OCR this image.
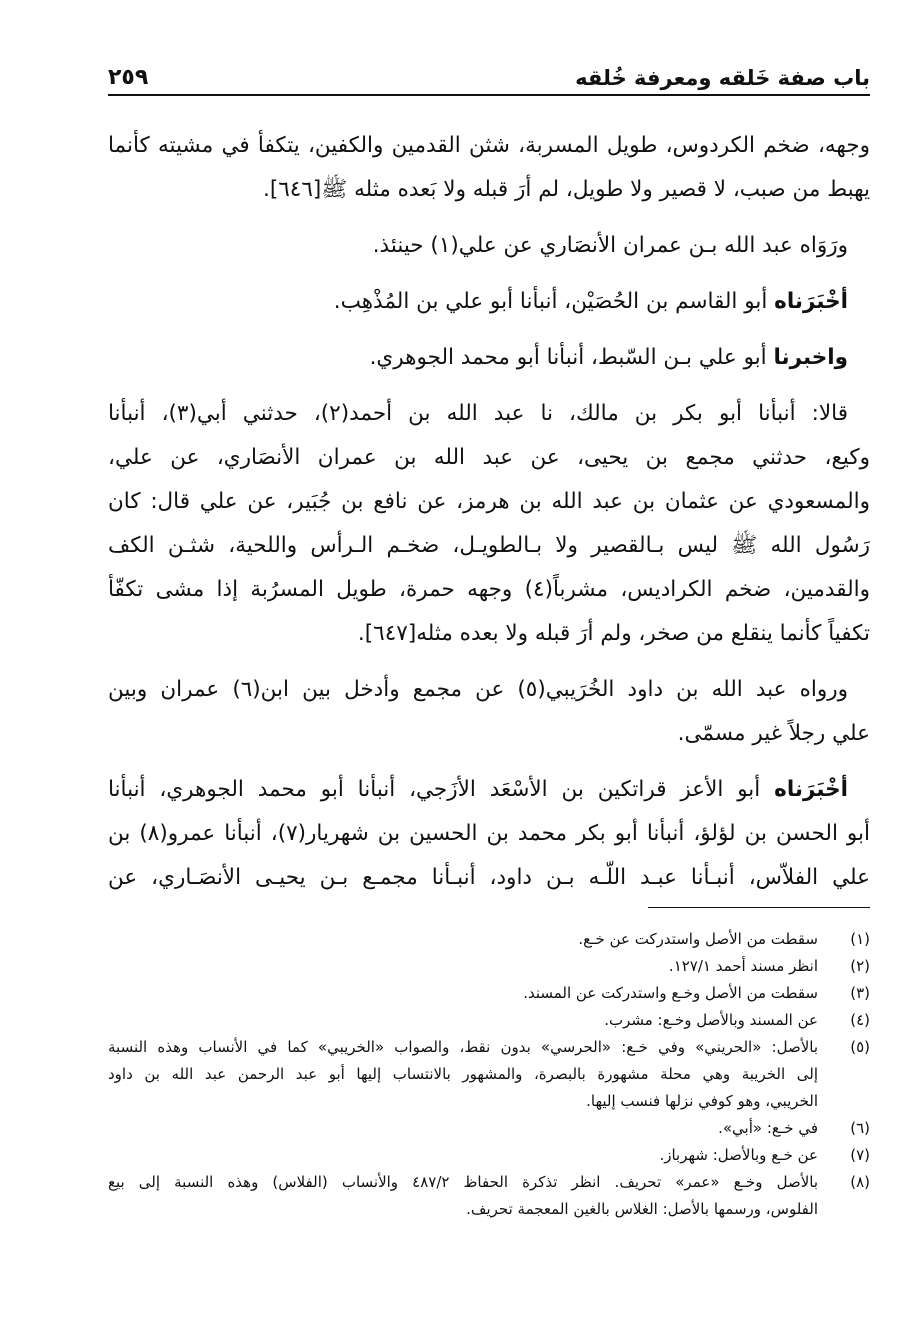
باب صفة خَلقه ومعرفة خُلقه
٢٥٩
وجهه، ضخم الكردوس، طويل المسربة، شثن القدمين والكفين، يتكفأ في مشيته كأنما
يهبط من صبب، لا قصير ولا طويل، لم أرَ قبله ولا بَعده مثله ﷺ[٦٤٦].
ورَوَاه عبد الله بـن عمران الأنصَاري عن علي(١) حينئذ.
أخْبَرَناه أبو القاسم بن الحُصَيْن، أنبأنا أبو علي بن المُذْهِب.
واخبرنا أبو علي بـن السّبط، أنبأنا أبو محمد الجوهري.
قالا: أنبأنا أبو بكر بن مالك، نا عبد الله بن أحمد(٢)، حدثني أبي(٣)، أنبأنا
وكيع، حدثني مجمع بن يحيى، عن عبد الله بن عمران الأنصَاري، عن علي،
والمسعودي عن عثمان بن عبد الله بن هرمز، عن نافع بن جُبَير، عن علي قال: كان
رَسُول الله ﷺ ليس بـالقصير ولا بـالطويـل، ضخـم الـرأس واللحية، شثـن الكف
والقدمين، ضخم الكراديس، مشرباً(٤) وجهه حمرة، طويل المسرُبة إذا مشى تكفّأ
تكفياً كأنما ينقلع من صخر، ولم أرَ قبله ولا بعده مثله[٦٤٧].
ورواه عبد الله بن داود الخُرَيبي(٥) عن مجمع وأدخل بين ابن(٦) عمران وبين
علي رجلاً غير مسمّى.
أخْبَرَناه أبو الأعز قراتكين بن الأسْعَد الأزَجي، أنبأنا أبو محمد الجوهري، أنبأنا
أبو الحسن بن لؤلؤ، أنبأنا أبو بكر محمد بن الحسين بن شهريار(٧)، أنبأنا عمرو(٨) بن
علي الفلاّس، أنبـأنا عبـد اللّـه بـن داود، أنبـأنا مجمـع بـن يحيـى الأنصَـاري، عن
(١)
سقطت من الأصل واستدركت عن خـع.
(٢)
انظر مسند أحمد ١٢٧/١.
(٣)
سقطت من الأصل وخـع واستدركت عن المسند.
(٤)
عن المسند وبالأصل وخـع: مشرب.
(٥)
بالأصل: «الحريني» وفي خـع: «الحرسي» بدون نقط، والصواب «الخريبي» كما في الأنساب وهذه النسبة
إلى الخريبة وهي محلة مشهورة بالبصرة، والمشهور بالانتساب إليها أبو عبد الرحمن عبد الله بن داود
الخريبي، وهو كوفي نزلها فنسب إليها.
(٦)
في خـع: «أبي».
(٧)
عن خـع وبالأصل: شهرباز.
(٨)
بالأصل وخـع «عمر» تحريف. انظر تذكرة الحفاظ ٤٨٧/٢ والأنساب (الفلاس) وهذه النسبة إلى بيع
الفلوس، ورسمها بالأصل: الغلاس بالغين المعجمة تحريف.
